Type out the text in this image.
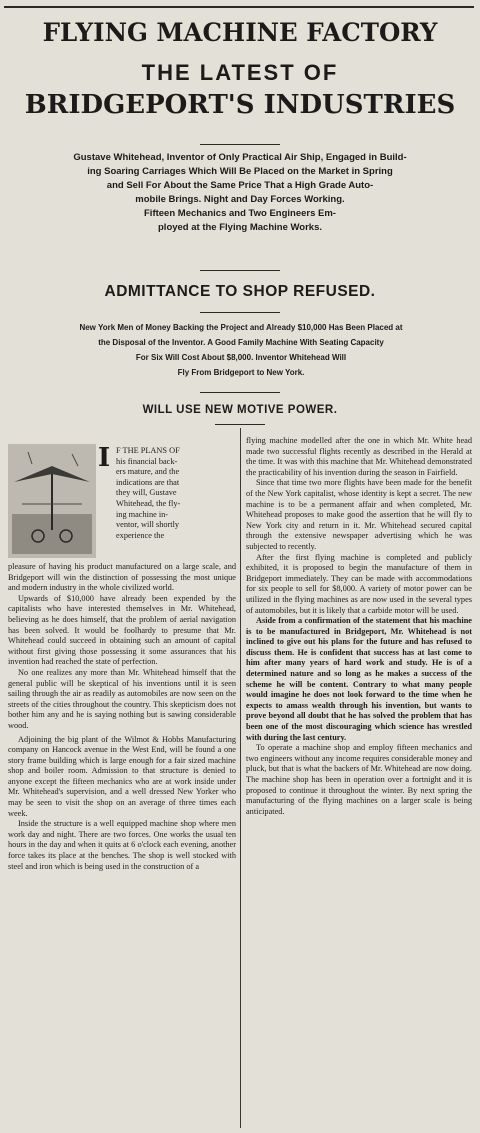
FLYING MACHINE FACTORY
THE LATEST OF
BRIDGEPORT'S INDUSTRIES
Gustave Whitehead, Inventor of Only Practical Air Ship, Engaged in Build-
ing Soaring Carriages Which Will Be Placed on the Market in Spring
and Sell For About the Same Price That a High Grade Auto-
mobile Brings. Night and Day Forces Working.
Fifteen Mechanics and Two Engineers Em-
ployed at the Flying Machine Works.
ADMITTANCE TO SHOP REFUSED.
New York Men of Money Backing the Project and Already $10,000 Has Been Placed at
the Disposal of the Inventor. A Good Family Machine With Seating Capacity
For Six Will Cost About $8,000. Inventor Whitehead Will
Fly From Bridgeport to New York.
WILL USE NEW MOTIVE POWER.
I F THE PLANS OF
his financial back-
ers mature, and the
indications are that
they will, Gustave
Whitehead, the fly-
ing machine in-
ventor, will shortly
experience the

pleasure of having his product manufactured on a large scale, and Bridgeport will win the distinction of possessing the most unique and modern industry in the whole civilized world.

Upwards of $10,000 have already been expended by the capitalists who have interested themselves in Mr. Whitehead, believing as he does himself, that the problem of aerial navigation has been solved. It would be foolhardy to presume that Mr. Whitehead could succeed in obtaining such an amount of capital without first giving those possessing it some assurances that his invention had reached the state of perfection.

No one realizes any more than Mr. Whitehead himself that the general public will be skeptical of his inventions until it is seen sailing through the air as readily as automobiles are now seen on the streets of the cities throughout the country. This skepticism does not bother him any and he is saying nothing but is sawing considerable wood.

Adjoining the big plant of the Wilmot & Hobbs Manufacturing company on Hancock avenue in the West End, will be found a one story frame building which is large enough for a fair sized machine shop and boiler room. Admission to that structure is denied to anyone except the fifteen mechanics who are at work inside under Mr. Whitehead's supervision, and a well dressed New Yorker who may be seen to visit the shop on an average of three times each week.

Inside the structure is a well equipped machine shop where men work day and night. There are two forces. One works the usual ten hours in the day and when it quits at 6 o'clock each evening, another force takes its place at the benches. The shop is well stocked with steel and iron which is being used in the construction of a

flying machine modelled after the one in which Mr. White head made two successful flights recently as described in the Herald at the time. It was with this machine that Mr. Whitehead demonstrated the practicability of his invention during the season in Fairfield.

Since that time two more flights have been made for the benefit of the New York capitalist, whose identity is kept a secret. The new machine is to be a permanent affair and when completed, Mr. Whitehead proposes to make good the assertion that he will fly to New York city and return in it. Mr. Whitehead secured capital through the extensive newspaper advertising which he was subjected to recently.

After the first flying machine is completed and publicly exhibited, it is proposed to begin the manufacture of them in Bridgeport immediately. They can be made with accommodations for six people to sell for $8,000. A variety of motor power can be utilized in the flying machines as are now used in the several types of automobiles, but it is likely that a carbide motor will be used.

Aside from a confirmation of the statement that his machine is to be manufactured in Bridgeport, Mr. Whitehead is not inclined to give out his plans for the future and has refused to discuss them. He is confident that success has at last come to him after many years of hard work and study. He is of a determined nature and so long as he makes a success of the scheme he will be content. Contrary to what many people would imagine he does not look forward to the time when he expects to amass wealth through his invention, but wants to prove beyond all doubt that he has solved the problem that has been one of the most discouraging which science has wrestled with during the last century.

To operate a machine shop and employ fifteen mechanics and two engineers without any income requires considerable money and pluck, but that is what the backers of Mr. Whitehead are now doing. The machine shop has been in operation over a fortnight and it is proposed to continue it throughout the winter. By next spring the manufacturing of the flying machines on a larger scale is being anticipated.
